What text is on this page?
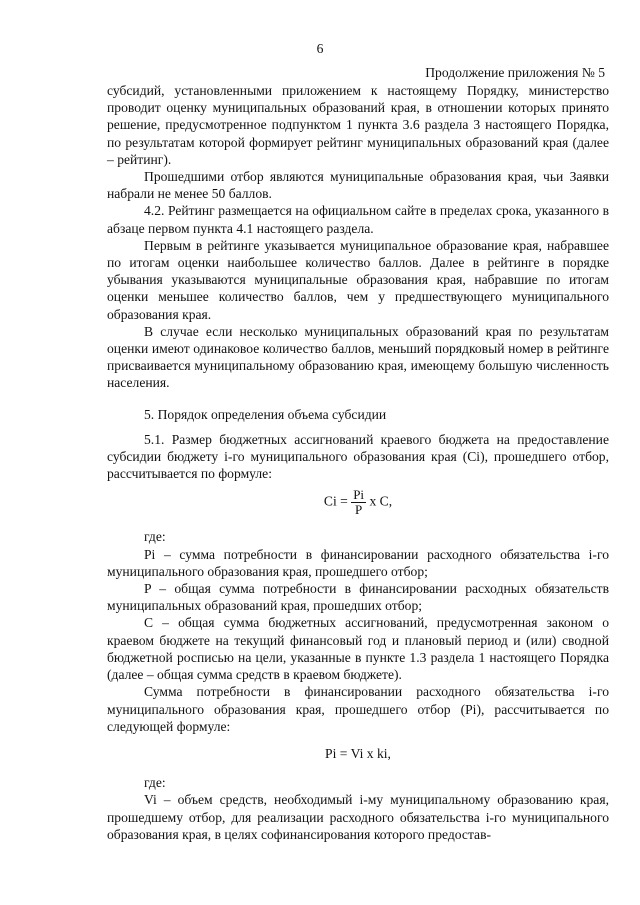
6
Продолжение приложения № 5

субсидий, установленными приложением к настоящему Порядку, министерство проводит оценку муниципальных образований края, в отношении которых принято решение, предусмотренное подпунктом 1 пункта 3.6 раздела 3 настоящего Порядка, по результатам которой формирует рейтинг муниципальных образований края (далее – рейтинг).

Прошедшими отбор являются муниципальные образования края, чьи Заявки набрали не менее 50 баллов.

4.2. Рейтинг размещается на официальном сайте в пределах срока, указанного в абзаце первом пункта 4.1 настоящего раздела.

Первым в рейтинге указывается муниципальное образование края, набравшее по итогам оценки наибольшее количество баллов. Далее в рейтинге в порядке убывания указываются муниципальные образования края, набравшие по итогам оценки меньшее количество баллов, чем у предшествующего муниципального образования края.

В случае если несколько муниципальных образований края по результатам оценки имеют одинаковое количество баллов, меньший порядковый номер в рейтинге присваивается муниципальному образованию края, имеющему большую численность населения.

5. Порядок определения объема субсидии

5.1. Размер бюджетных ассигнований краевого бюджета на предоставление субсидии бюджету i-го муниципального образования края (Ci), прошедшего отбор, рассчитывается по формуле:

$Ci = \frac{Pi}{P}$ x C,

где:

Pi – сумма потребности в финансировании расходного обязательства i-го муниципального образования края, прошедшего отбор;

P – общая сумма потребности в финансировании расходных обязательств муниципальных образований края, прошедших отбор;

C – общая сумма бюджетных ассигнований, предусмотренная законом о краевом бюджете на текущий финансовый год и плановый период и (или) сводной бюджетной росписью на цели, указанные в пункте 1.3 раздела 1 настоящего Порядка (далее – общая сумма средств в краевом бюджете).

Сумма потребности в финансировании расходного обязательства i-го муниципального образования края, прошедшего отбор (Pi), рассчитывается по следующей формуле:

Pi = Vi x ki,

где:

Vi – объем средств, необходимый i-му муниципальному образованию края, прошедшему отбор, для реализации расходного обязательства i-го муниципального образования края, в целях софинансирования которого предостав-
